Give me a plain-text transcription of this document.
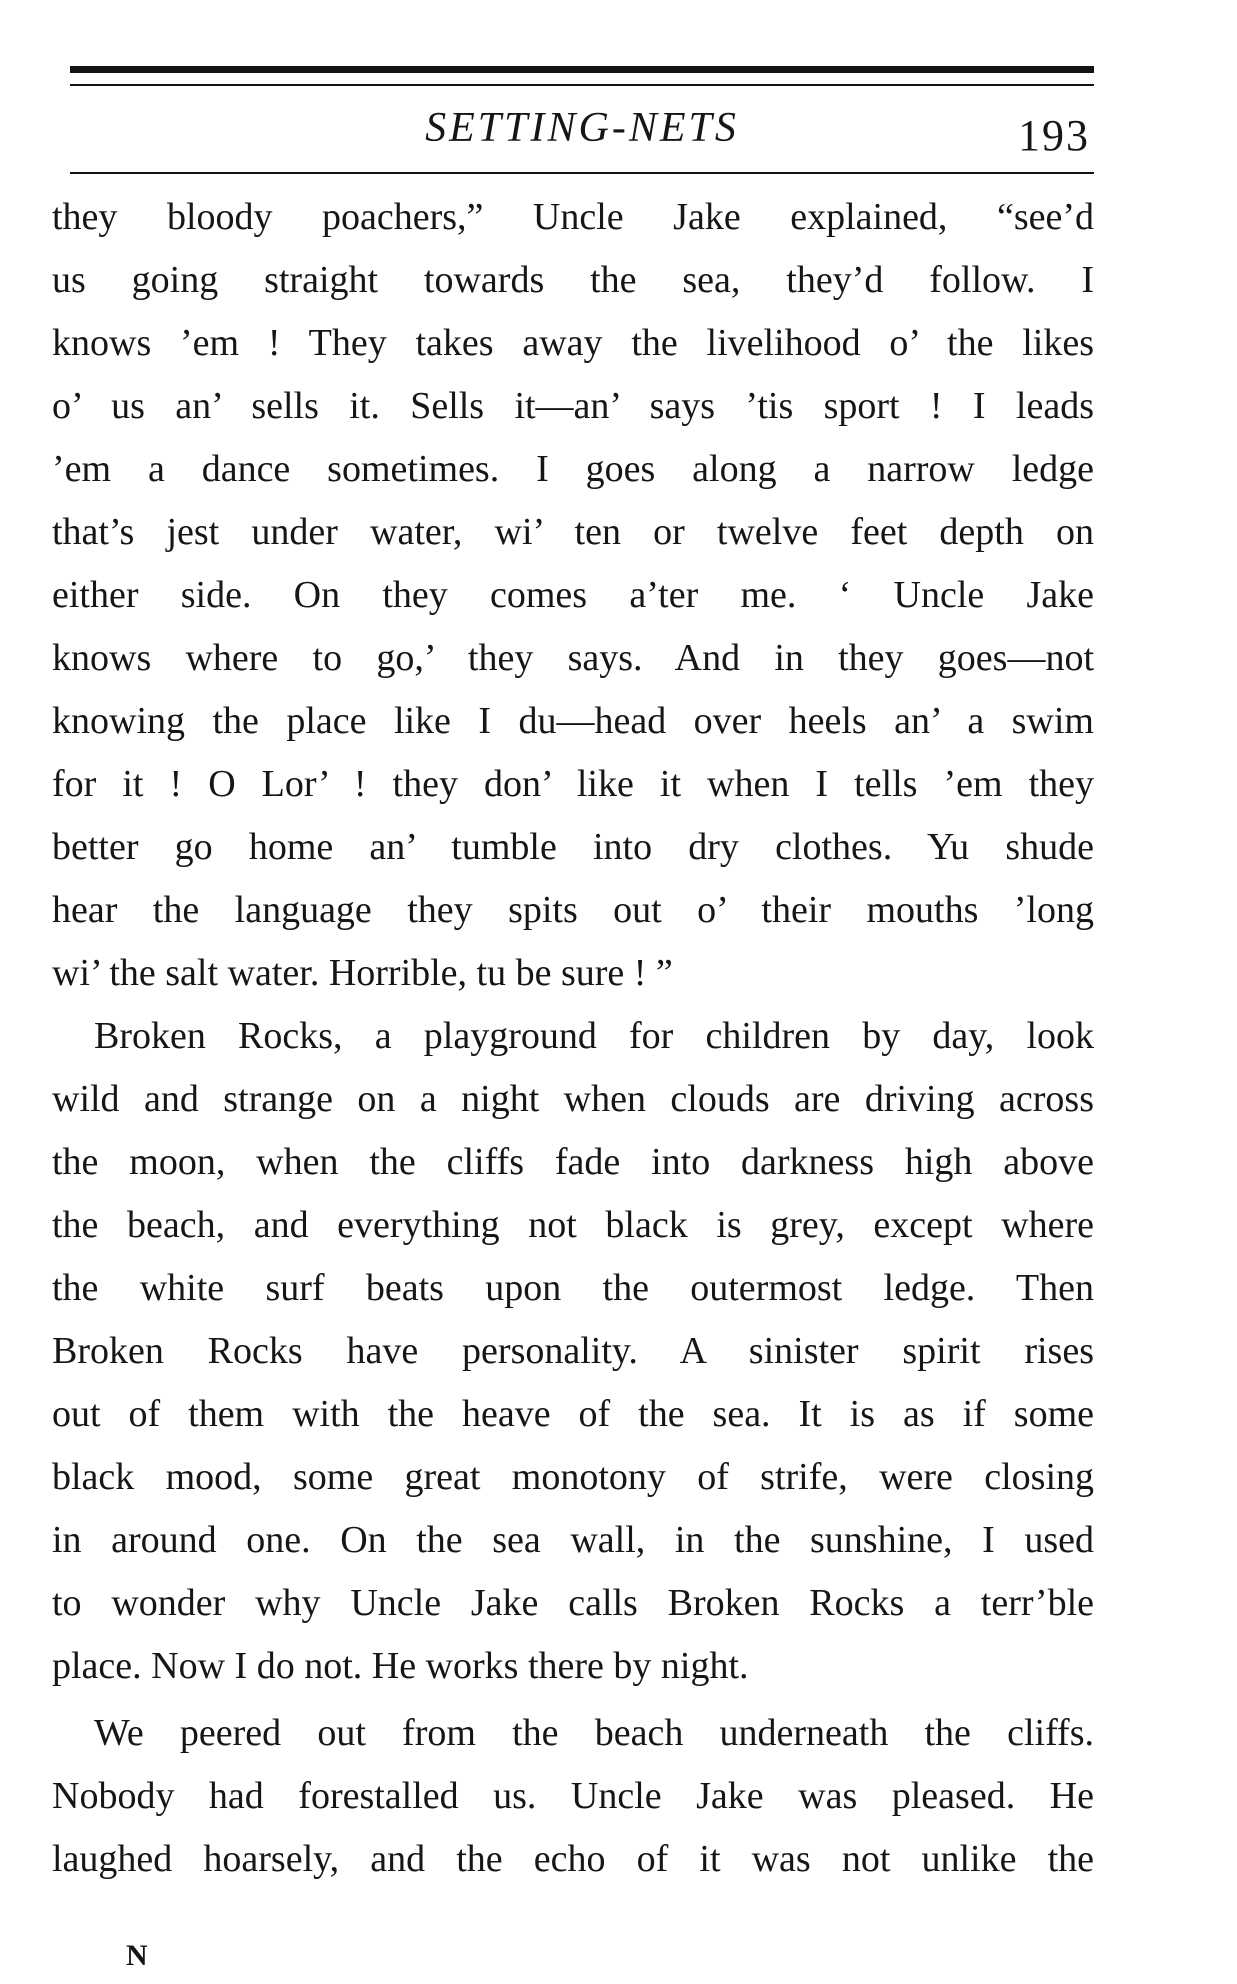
SETTING-NETS	193
they bloody poachers,” Uncle Jake explained, “see’d
us going straight towards the sea, they’d follow. I
knows ’em ! They takes away the livelihood o’ the likes
o’ us an’ sells it. Sells it—an’ says ’tis sport ! I leads
’em a dance sometimes. I goes along a narrow ledge
that’s jest under water, wi’ ten or twelve feet depth on
either side. On they comes a’ter me. ‘ Uncle Jake
knows where to go,’ they says. And in they goes—not
knowing the place like I du—head over heels an’ a swim
for it ! O Lor’ ! they don’ like it when I tells ’em they
better go home an’ tumble into dry clothes. Yu shude
hear the language they spits out o’ their mouths ’long
wi’ the salt water. Horrible, tu be sure ! ”
Broken Rocks, a playground for children by day, look
wild and strange on a night when clouds are driving across
the moon, when the cliffs fade into darkness high above
the beach, and everything not black is grey, except where
the white surf beats upon the outermost ledge. Then
Broken Rocks have personality. A sinister spirit rises
out of them with the heave of the sea. It is as if some
black mood, some great monotony of strife, were closing
in around one. On the sea wall, in the sunshine, I used
to wonder why Uncle Jake calls Broken Rocks a terr’ble
place. Now I do not. He works there by night.
We peered out from the beach underneath the cliffs.
Nobody had forestalled us. Uncle Jake was pleased. He
laughed hoarsely, and the echo of it was not unlike the
N
